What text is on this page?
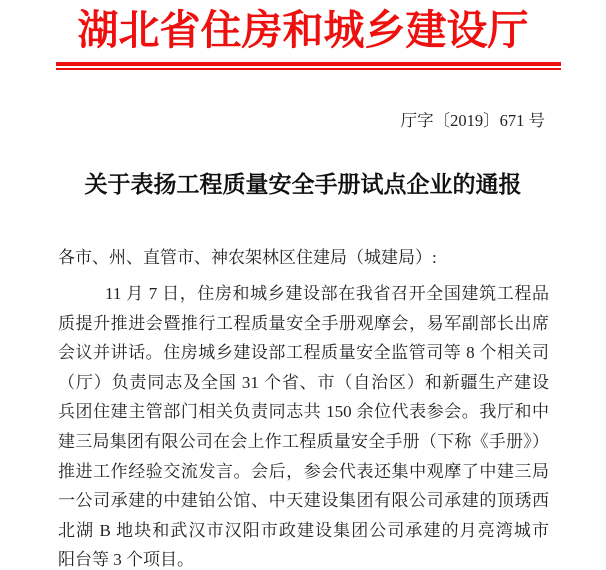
湖北省住房和城乡建设厅
厅字〔2019〕671 号
关于表扬工程质量安全手册试点企业的通报
各市、州、直管市、神农架林区住建局（城建局）:
11 月 7 日，住房和城乡建设部在我省召开全国建筑工程品
质提升推进会暨推行工程质量安全手册观摩会，易军副部长出席
会议并讲话。住房城乡建设部工程质量安全监管司等 8 个相关司
（厅）负责同志及全国 31 个省、市（自治区）和新疆生产建设
兵团住建主管部门相关负责同志共 150 余位代表参会。我厅和中
建三局集团有限公司在会上作工程质量安全手册（下称《手册》）
推进工作经验交流发言。会后，参会代表还集中观摩了中建三局
一公司承建的中建铂公馆、中天建设集团有限公司承建的顶琇西
北湖 B 地块和武汉市汉阳市政建设集团公司承建的月亮湾城市
阳台等 3 个项目。
